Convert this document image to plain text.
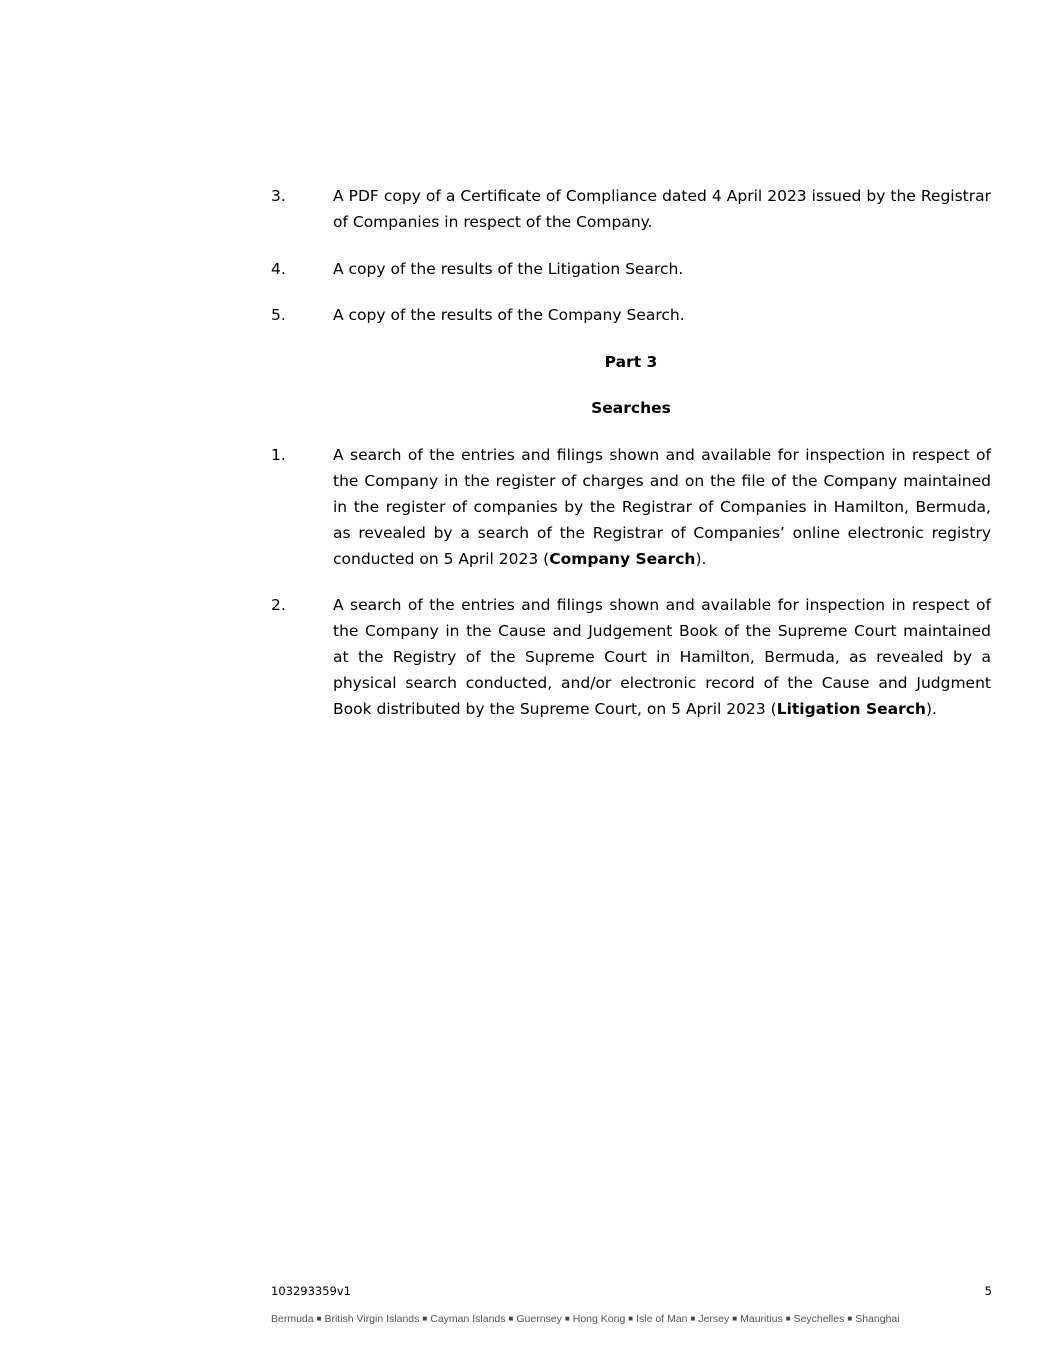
3.	A PDF copy of a Certificate of Compliance dated 4 April 2023 issued by the Registrar of Companies in respect of the Company.
4.	A copy of the results of the Litigation Search.
5.	A copy of the results of the Company Search.
Part 3
Searches
1.	A search of the entries and filings shown and available for inspection in respect of the Company in the register of charges and on the file of the Company maintained in the register of companies by the Registrar of Companies in Hamilton, Bermuda, as revealed by a search of the Registrar of Companies’ online electronic registry conducted on 5 April 2023 (Company Search).
2.	A search of the entries and filings shown and available for inspection in respect of the Company in the Cause and Judgement Book of the Supreme Court maintained at the Registry of the Supreme Court in Hamilton, Bermuda, as revealed by a physical search conducted, and/or electronic record of the Cause and Judgment Book distributed by the Supreme Court, on 5 April 2023 (Litigation Search).
103293359v1	5
Bermuda ■ British Virgin Islands ■ Cayman Islands ■ Guernsey ■ Hong Kong ■ Isle of Man ■ Jersey ■ Mauritius ■ Seychelles ■ Shanghai
